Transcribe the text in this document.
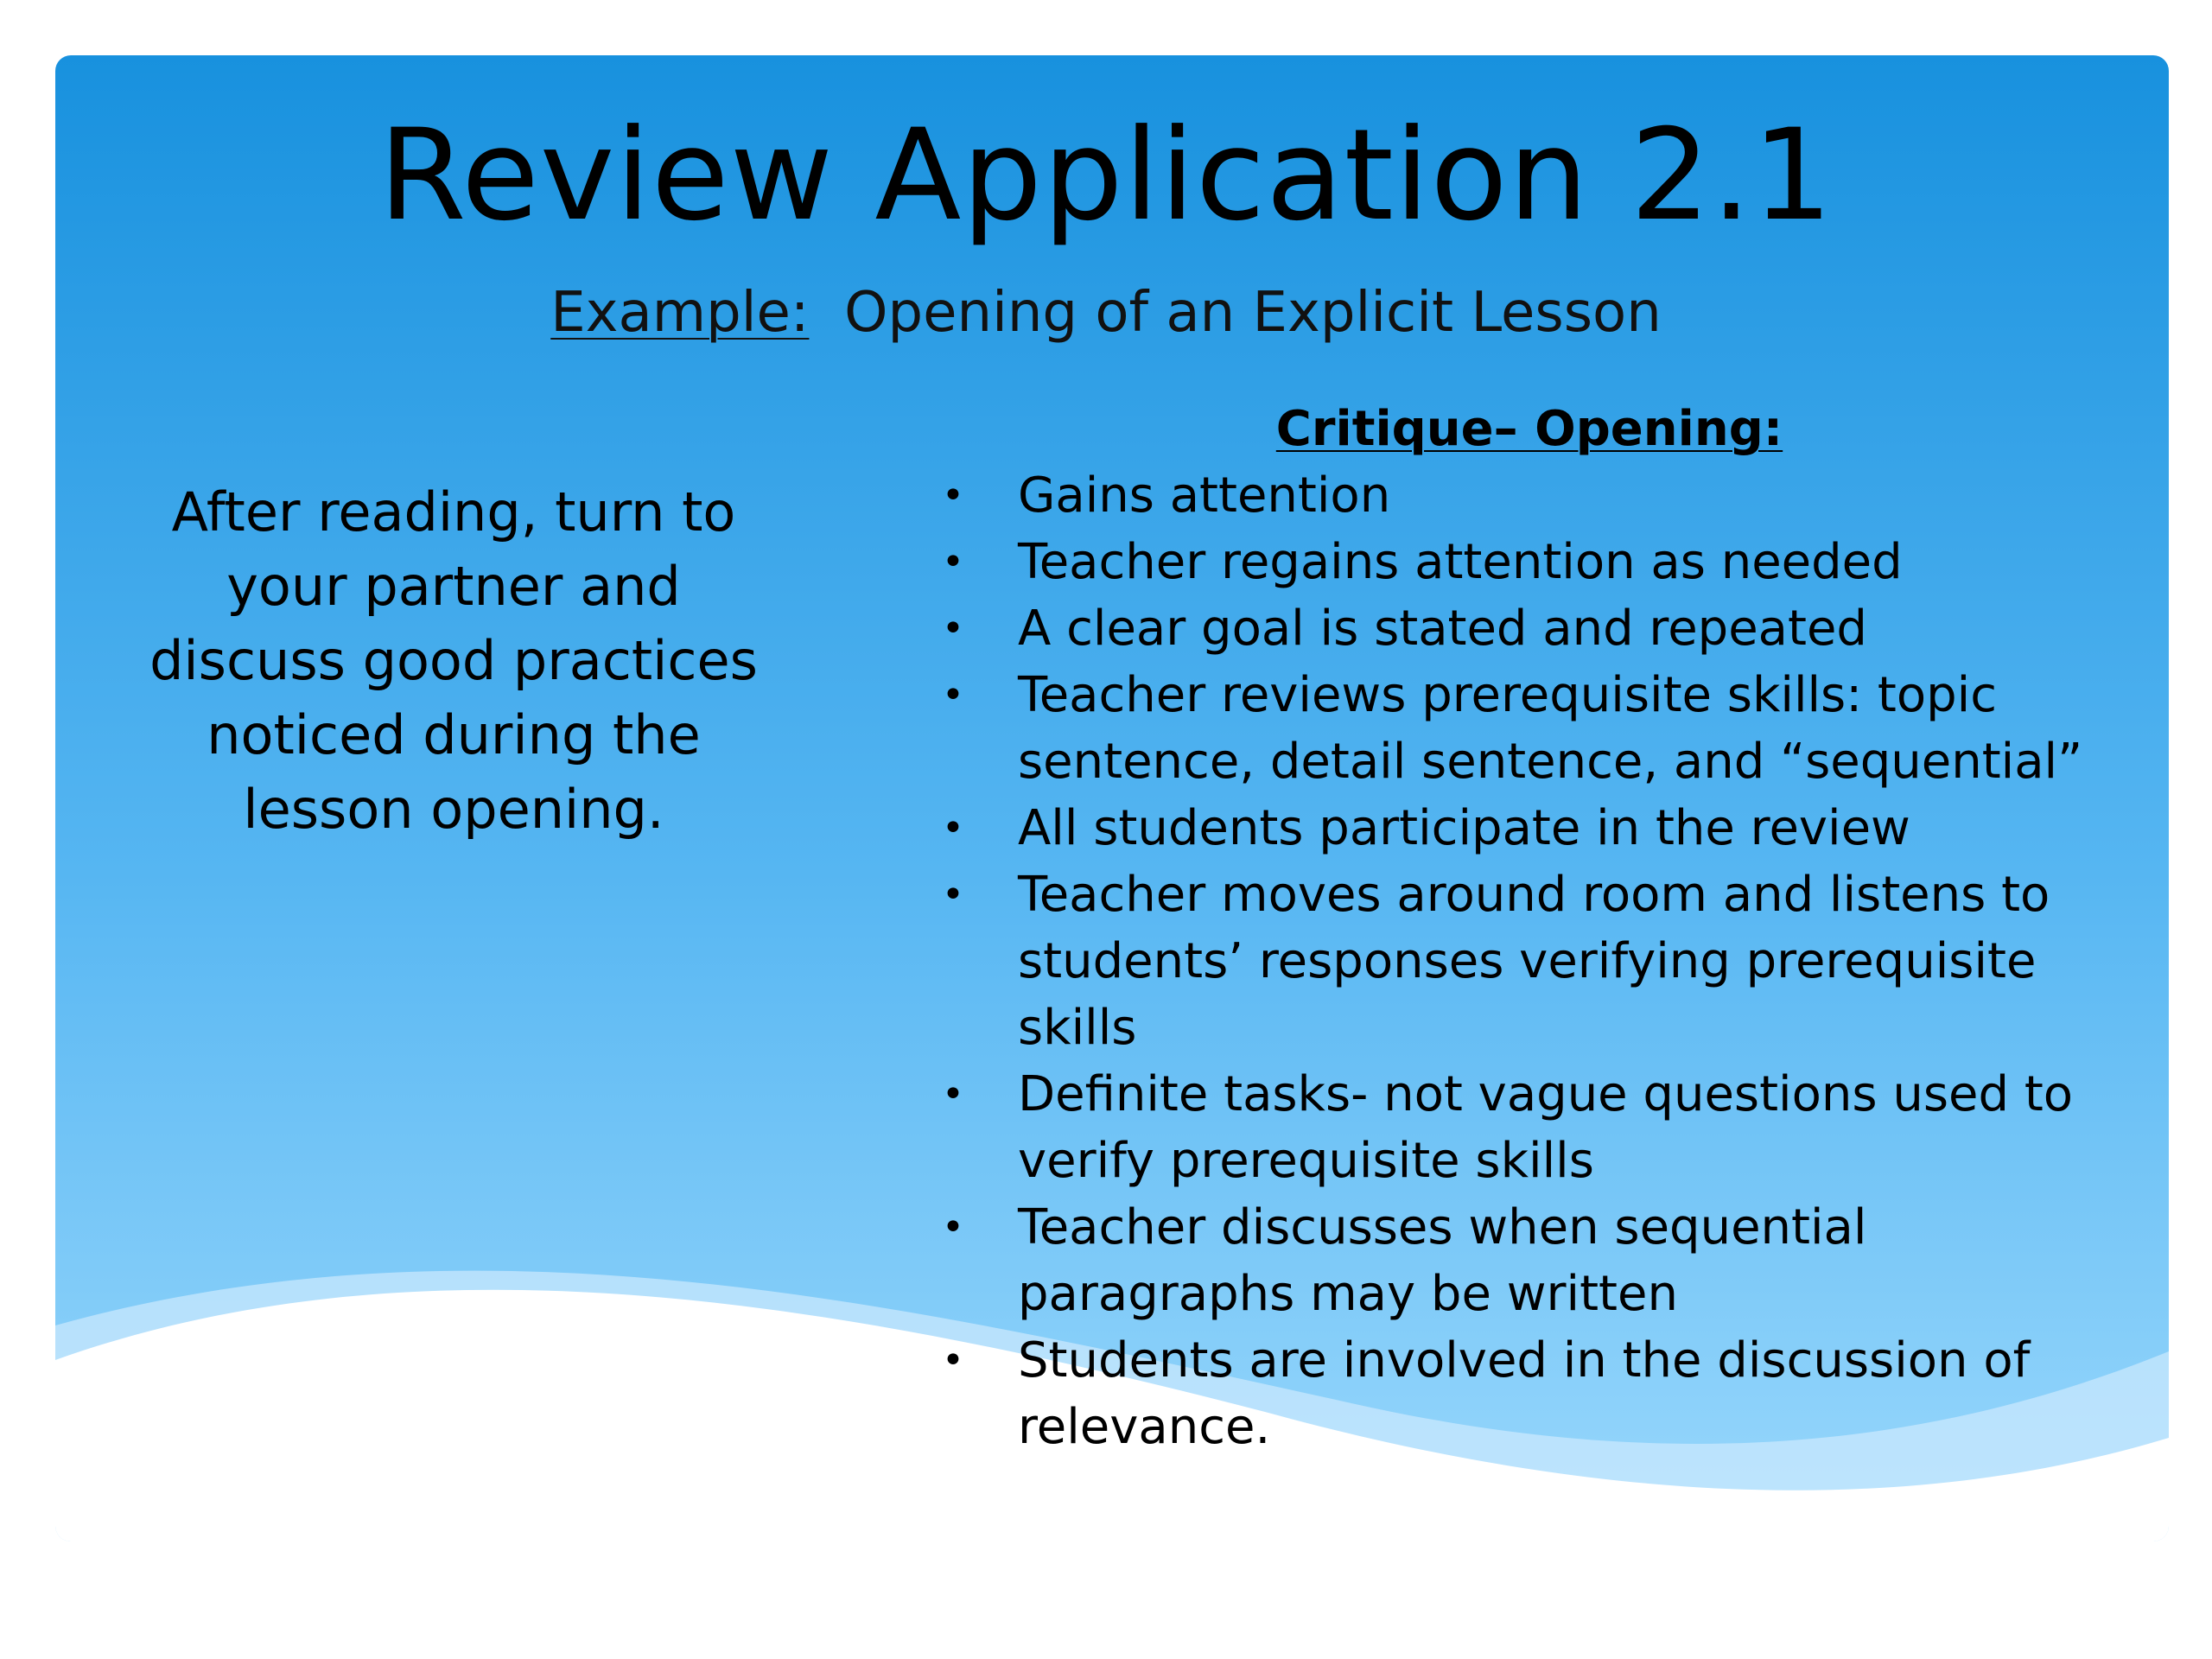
Review Application 2.1

Example: Opening of an Explicit Lesson

After reading, turn to your partner and discuss good practices noticed during the lesson opening.

Critique– Opening:

• Gains attention
• Teacher regains attention as needed
• A clear goal is stated and repeated
• Teacher reviews prerequisite skills: topic sentence, detail sentence, and “sequential”
• All students participate in the review
• Teacher moves around room and listens to students’ responses verifying prerequisite skills
• Definite tasks- not vague questions used to verify prerequisite skills
• Teacher discusses when sequential paragraphs may be written
• Students are involved in the discussion of relevance.
